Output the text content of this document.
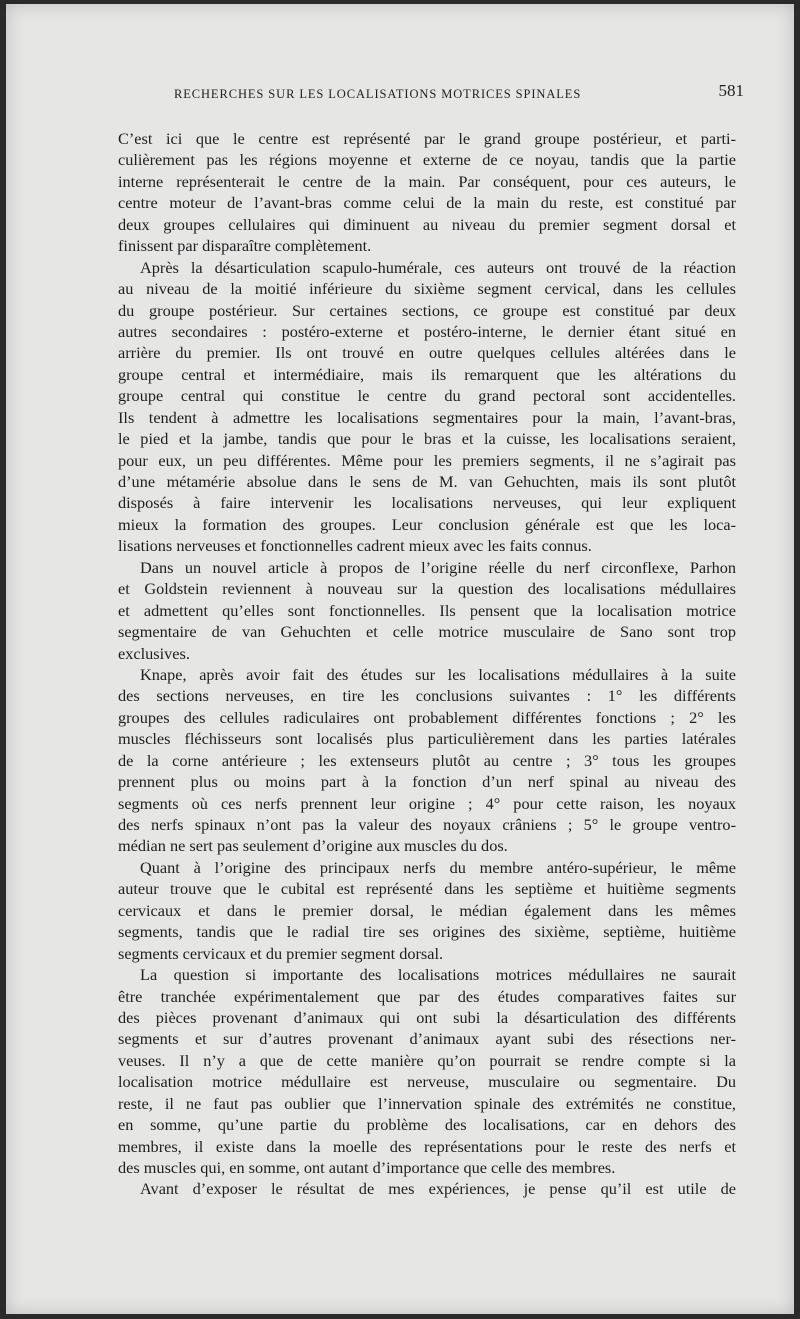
RECHERCHES SUR LES LOCALISATIONS MOTRICES SPINALES	581
C’est ici que le centre est représenté par le grand groupe postérieur, et parti-
culièrement pas les régions moyenne et externe de ce noyau, tandis que la partie
interne représenterait le centre de la main. Par conséquent, pour ces auteurs, le
centre moteur de l’avant-bras comme celui de la main du reste, est constitué par
deux groupes cellulaires qui diminuent au niveau du premier segment dorsal et
finissent par disparaître complètement.
Après la désarticulation scapulo-humérale, ces auteurs ont trouvé de la réaction
au niveau de la moitié inférieure du sixième segment cervical, dans les cellules
du groupe postérieur. Sur certaines sections, ce groupe est constitué par deux
autres secondaires : postéro-externe et postéro-interne, le dernier étant situé en
arrière du premier. Ils ont trouvé en outre quelques cellules altérées dans le
groupe central et intermédiaire, mais ils remarquent que les altérations du
groupe central qui constitue le centre du grand pectoral sont accidentelles.
Ils tendent à admettre les localisations segmentaires pour la main, l’avant-bras,
le pied et la jambe, tandis que pour le bras et la cuisse, les localisations seraient,
pour eux, un peu différentes. Même pour les premiers segments, il ne s’agirait pas
d’une métamérie absolue dans le sens de M. van Gehuchten, mais ils sont plutôt
disposés à faire intervenir les localisations nerveuses, qui leur expliquent
mieux la formation des groupes. Leur conclusion générale est que les loca-
lisations nerveuses et fonctionnelles cadrent mieux avec les faits connus.
Dans un nouvel article à propos de l’origine réelle du nerf circonflexe, Parhon
et Goldstein reviennent à nouveau sur la question des localisations médullaires
et admettent qu’elles sont fonctionnelles. Ils pensent que la localisation motrice
segmentaire de van Gehuchten et celle motrice musculaire de Sano sont trop
exclusives.
Knape, après avoir fait des études sur les localisations médullaires à la suite
des sections nerveuses, en tire les conclusions suivantes : 1° les différents
groupes des cellules radiculaires ont probablement différentes fonctions ; 2° les
muscles fléchisseurs sont localisés plus particulièrement dans les parties latérales
de la corne antérieure ; les extenseurs plutôt au centre ; 3° tous les groupes
prennent plus ou moins part à la fonction d’un nerf spinal au niveau des
segments où ces nerfs prennent leur origine ; 4° pour cette raison, les noyaux
des nerfs spinaux n’ont pas la valeur des noyaux crâniens ; 5° le groupe ventro-
médian ne sert pas seulement d’origine aux muscles du dos.
Quant à l’origine des principaux nerfs du membre antéro-supérieur, le même
auteur trouve que le cubital est représenté dans les septième et huitième segments
cervicaux et dans le premier dorsal, le médian également dans les mêmes
segments, tandis que le radial tire ses origines des sixième, septième, huitième
segments cervicaux et du premier segment dorsal.
La question si importante des localisations motrices médullaires ne saurait
être tranchée expérimentalement que par des études comparatives faites sur
des pièces provenant d’animaux qui ont subi la désarticulation des différents
segments et sur d’autres provenant d’animaux ayant subi des résections ner-
veuses. Il n’y a que de cette manière qu’on pourrait se rendre compte si la
localisation motrice médullaire est nerveuse, musculaire ou segmentaire. Du
reste, il ne faut pas oublier que l’innervation spinale des extrémités ne constitue,
en somme, qu’une partie du problème des localisations, car en dehors des
membres, il existe dans la moelle des représentations pour le reste des nerfs et
des muscles qui, en somme, ont autant d’importance que celle des membres.
Avant d’exposer le résultat de mes expériences, je pense qu’il est utile de
